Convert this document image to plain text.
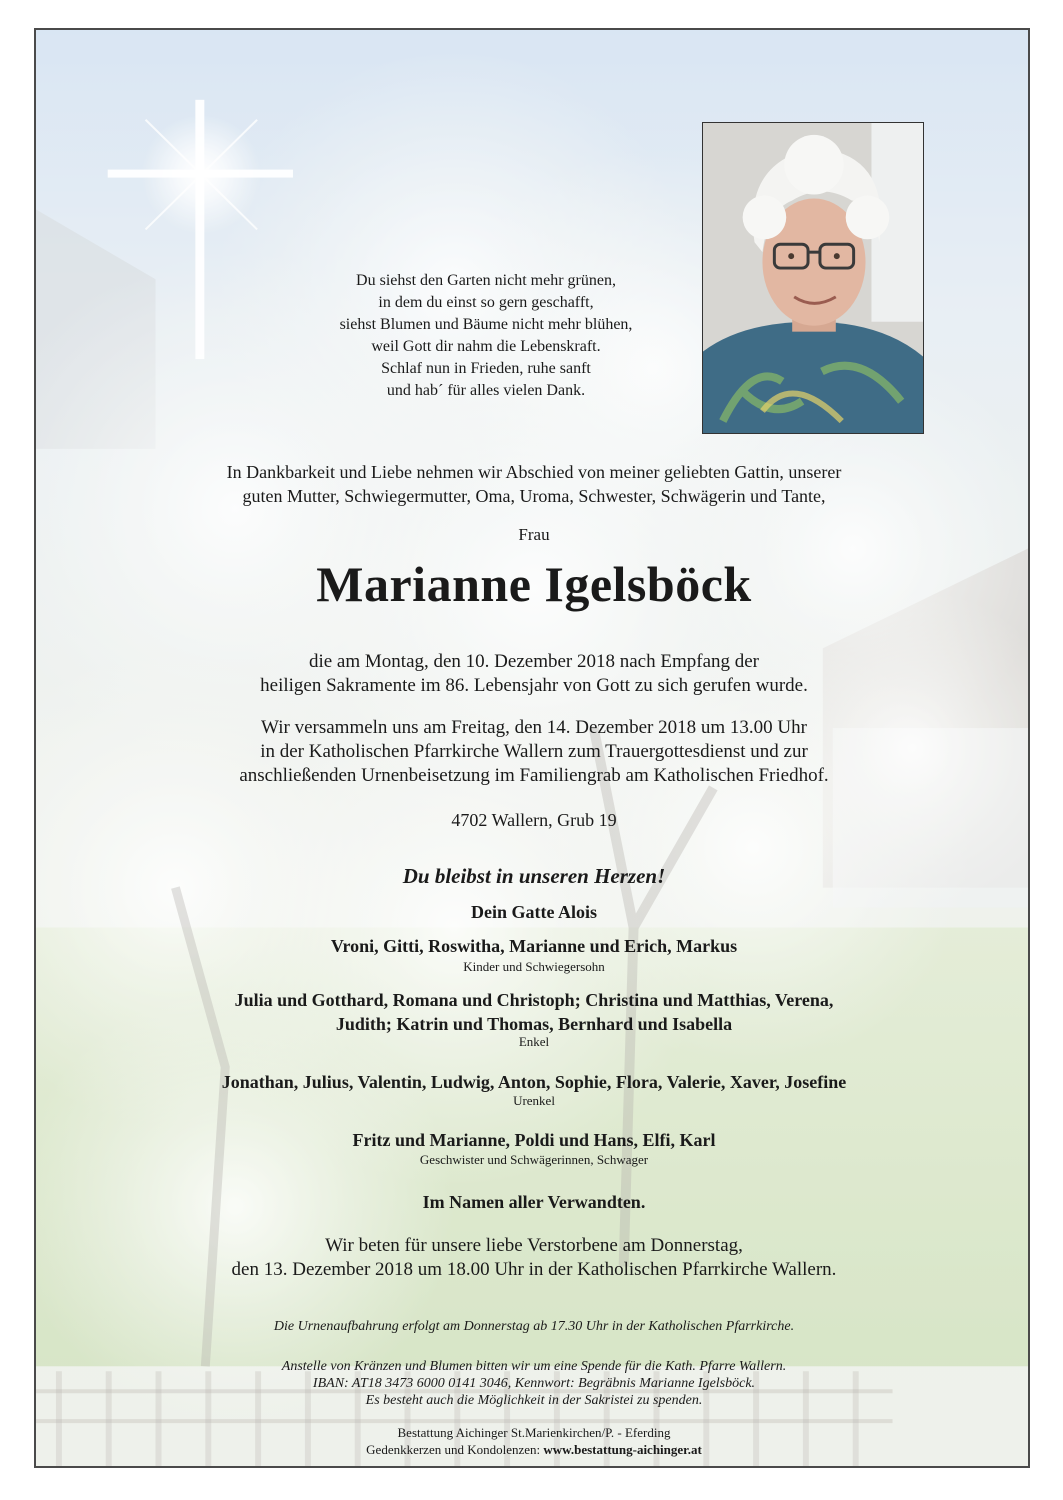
Du siehst den Garten nicht mehr grünen,
in dem du einst so gern geschafft,
siehst Blumen und Bäume nicht mehr blühen,
weil Gott dir nahm die Lebenskraft.
Schlaf nun in Frieden, ruhe sanft
und hab´ für alles vielen Dank.
In Dankbarkeit und Liebe nehmen wir Abschied von meiner geliebten Gattin, unserer
guten Mutter, Schwiegermutter, Oma, Uroma, Schwester, Schwägerin und Tante,
Frau
Marianne Igelsböck
die am Montag, den 10. Dezember 2018 nach Empfang der
heiligen Sakramente im 86. Lebensjahr von Gott zu sich gerufen wurde.
Wir versammeln uns am Freitag, den 14. Dezember 2018 um 13.00 Uhr
in der Katholischen Pfarrkirche Wallern zum Trauergottesdienst und zur
anschließenden Urnenbeisetzung im Familiengrab am Katholischen Friedhof.
4702 Wallern, Grub 19
Du bleibst in unseren Herzen!
Dein Gatte Alois
Vroni, Gitti, Roswitha, Marianne und Erich, Markus
Kinder und Schwiegersohn
Julia und Gotthard, Romana und Christoph; Christina und Matthias, Verena,
Judith; Katrin und Thomas, Bernhard und Isabella
Enkel
Jonathan, Julius, Valentin, Ludwig, Anton, Sophie, Flora, Valerie, Xaver, Josefine
Urenkel
Fritz und Marianne, Poldi und Hans, Elfi, Karl
Geschwister und Schwägerinnen, Schwager
Im Namen aller Verwandten.
Wir beten für unsere liebe Verstorbene am Donnerstag,
den 13. Dezember 2018 um 18.00 Uhr in der Katholischen Pfarrkirche Wallern.
Die Urnenaufbahrung erfolgt am Donnerstag ab 17.30 Uhr in der Katholischen Pfarrkirche.
Anstelle von Kränzen und Blumen bitten wir um eine Spende für die Kath. Pfarre Wallern.
IBAN: AT18 3473 6000 0141 3046, Kennwort: Begräbnis Marianne Igelsböck.
Es besteht auch die Möglichkeit in der Sakristei zu spenden.
Bestattung Aichinger St.Marienkirchen/P. - Eferding
Gedenkkerzen und Kondolenzen: www.bestattung-aichinger.at
